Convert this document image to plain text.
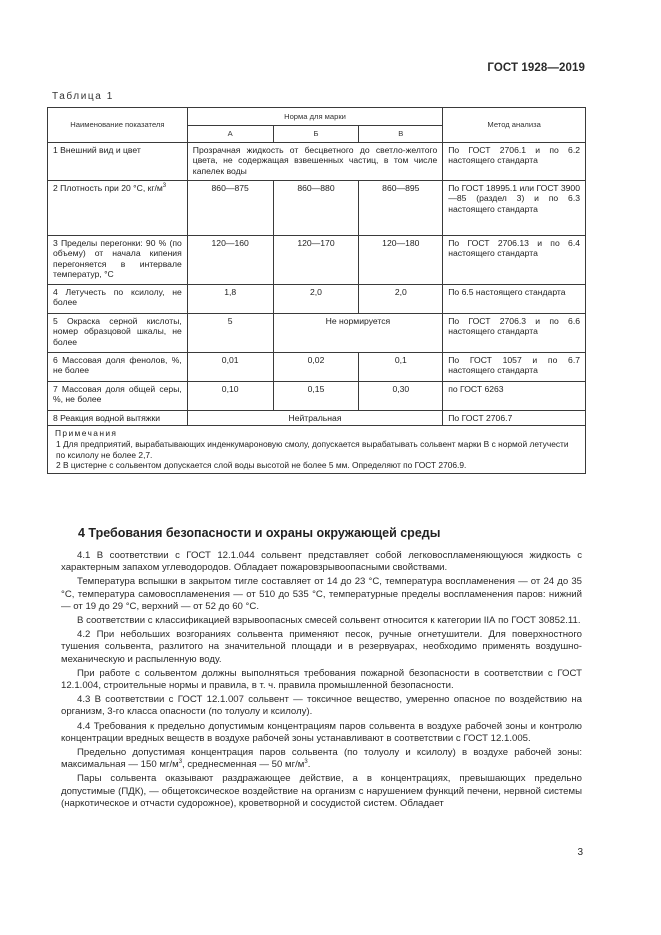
ГОСТ 1928—2019
Таблица 1
Наименование показателя	Норма для марки			Метод анализа
	А	Б	В	
1 Внешний вид и цвет	Прозрачная жидкость от бесцветного до светло-желтого цвета, не содержащая взвешенных частиц, в том числе капелек воды			По ГОСТ 2706.1 и по 6.2 настоящего стандарта
2 Плотность при 20 °С, $кг/м^3$	860—875	860—880	860—895	По ГОСТ 18995.1 или ГОСТ 3900—85 (раздел 3) и по 6.3 настоящего стандарта
3 Пределы перегонки: 90 % (по объему) от начала кипения перегоняется в интервале температур, °С	120—160	120—170	120—180	По ГОСТ 2706.13 и по 6.4 настоящего стандарта
4 Летучесть по ксилолу, не более	1,8	2,0	2,0	По 6.5 настоящего стандарта
5 Окраска серной кислоты, номер образцовой шкалы, не более	5	Не нормируется		По ГОСТ 2706.3 и по 6.6 настоящего стандарта
6 Массовая доля фенолов, %, не более	0,01	0,02	0,1	По ГОСТ 1057 и по 6.7 настоящего стандарта
7 Массовая доля общей серы, %, не более	0,10	0,15	0,30	по ГОСТ 6263
8 Реакция водной вытяжки	Нейтральная			По ГОСТ 2706.7

Примечания
1 Для предприятий, вырабатывающих инденкумароновую смолу, допускается вырабатывать сольвент марки В с нормой летучести по ксилолу не более 2,7.
2 В цистерне с сольвентом допускается слой воды высотой не более 5 мм. Определяют по ГОСТ 2706.9.				
4 Требования безопасности и охраны окружающей среды

4.1 В соответствии с ГОСТ 12.1.044 сольвент представляет собой легковоспламеняющуюся жидкость с характерным запахом углеводородов. Обладает пожаровзрывоопасными свойствами.

Температура вспышки в закрытом тигле составляет от 14 до 23 °С, температура воспламенения — от 24 до 35 °С, температура самовоспламенения — от 510 до 535 °С, температурные пределы воспламенения паров: нижний — от 19 до 29 °С, верхний — от 52 до 60 °С.

В соответствии с классификацией взрывоопасных смесей сольвент относится к категории IIА по ГОСТ 30852.11.

4.2 При небольших возгораниях сольвента применяют песок, ручные огнетушители. Для поверхностного тушения сольвента, разлитого на значительной площади и в резервуарах, необходимо применять воздушно-механическую и распыленную воду.

При работе с сольвентом должны выполняться требования пожарной безопасности в соответствии с ГОСТ 12.1.004, строительные нормы и правила, в т. ч. правила промышленной безопасности.

4.3 В соответствии с ГОСТ 12.1.007 сольвент — токсичное вещество, умеренно опасное по воздействию на организм, 3-го класса опасности (по толуолу и ксилолу).

4.4 Требования к предельно допустимым концентрациям паров сольвента в воздухе рабочей зоны и контролю концентрации вредных веществ в воздухе рабочей зоны устанавливают в соответствии с ГОСТ 12.1.005.

Предельно допустимая концентрация паров сольвента (по толуолу и ксилолу) в воздухе рабочей зоны: максимальная — 150 $мг/м^3$, среднесменная — 50 $мг/м^3$.

Пары сольвента оказывают раздражающее действие, а в концентрациях, превышающих предельно допустимые (ПДК), — общетоксическое воздействие на организм с нарушением функций печени, нервной системы (наркотическое и отчасти судорожное), кроветворной и сосудистой систем. Обладает

3
